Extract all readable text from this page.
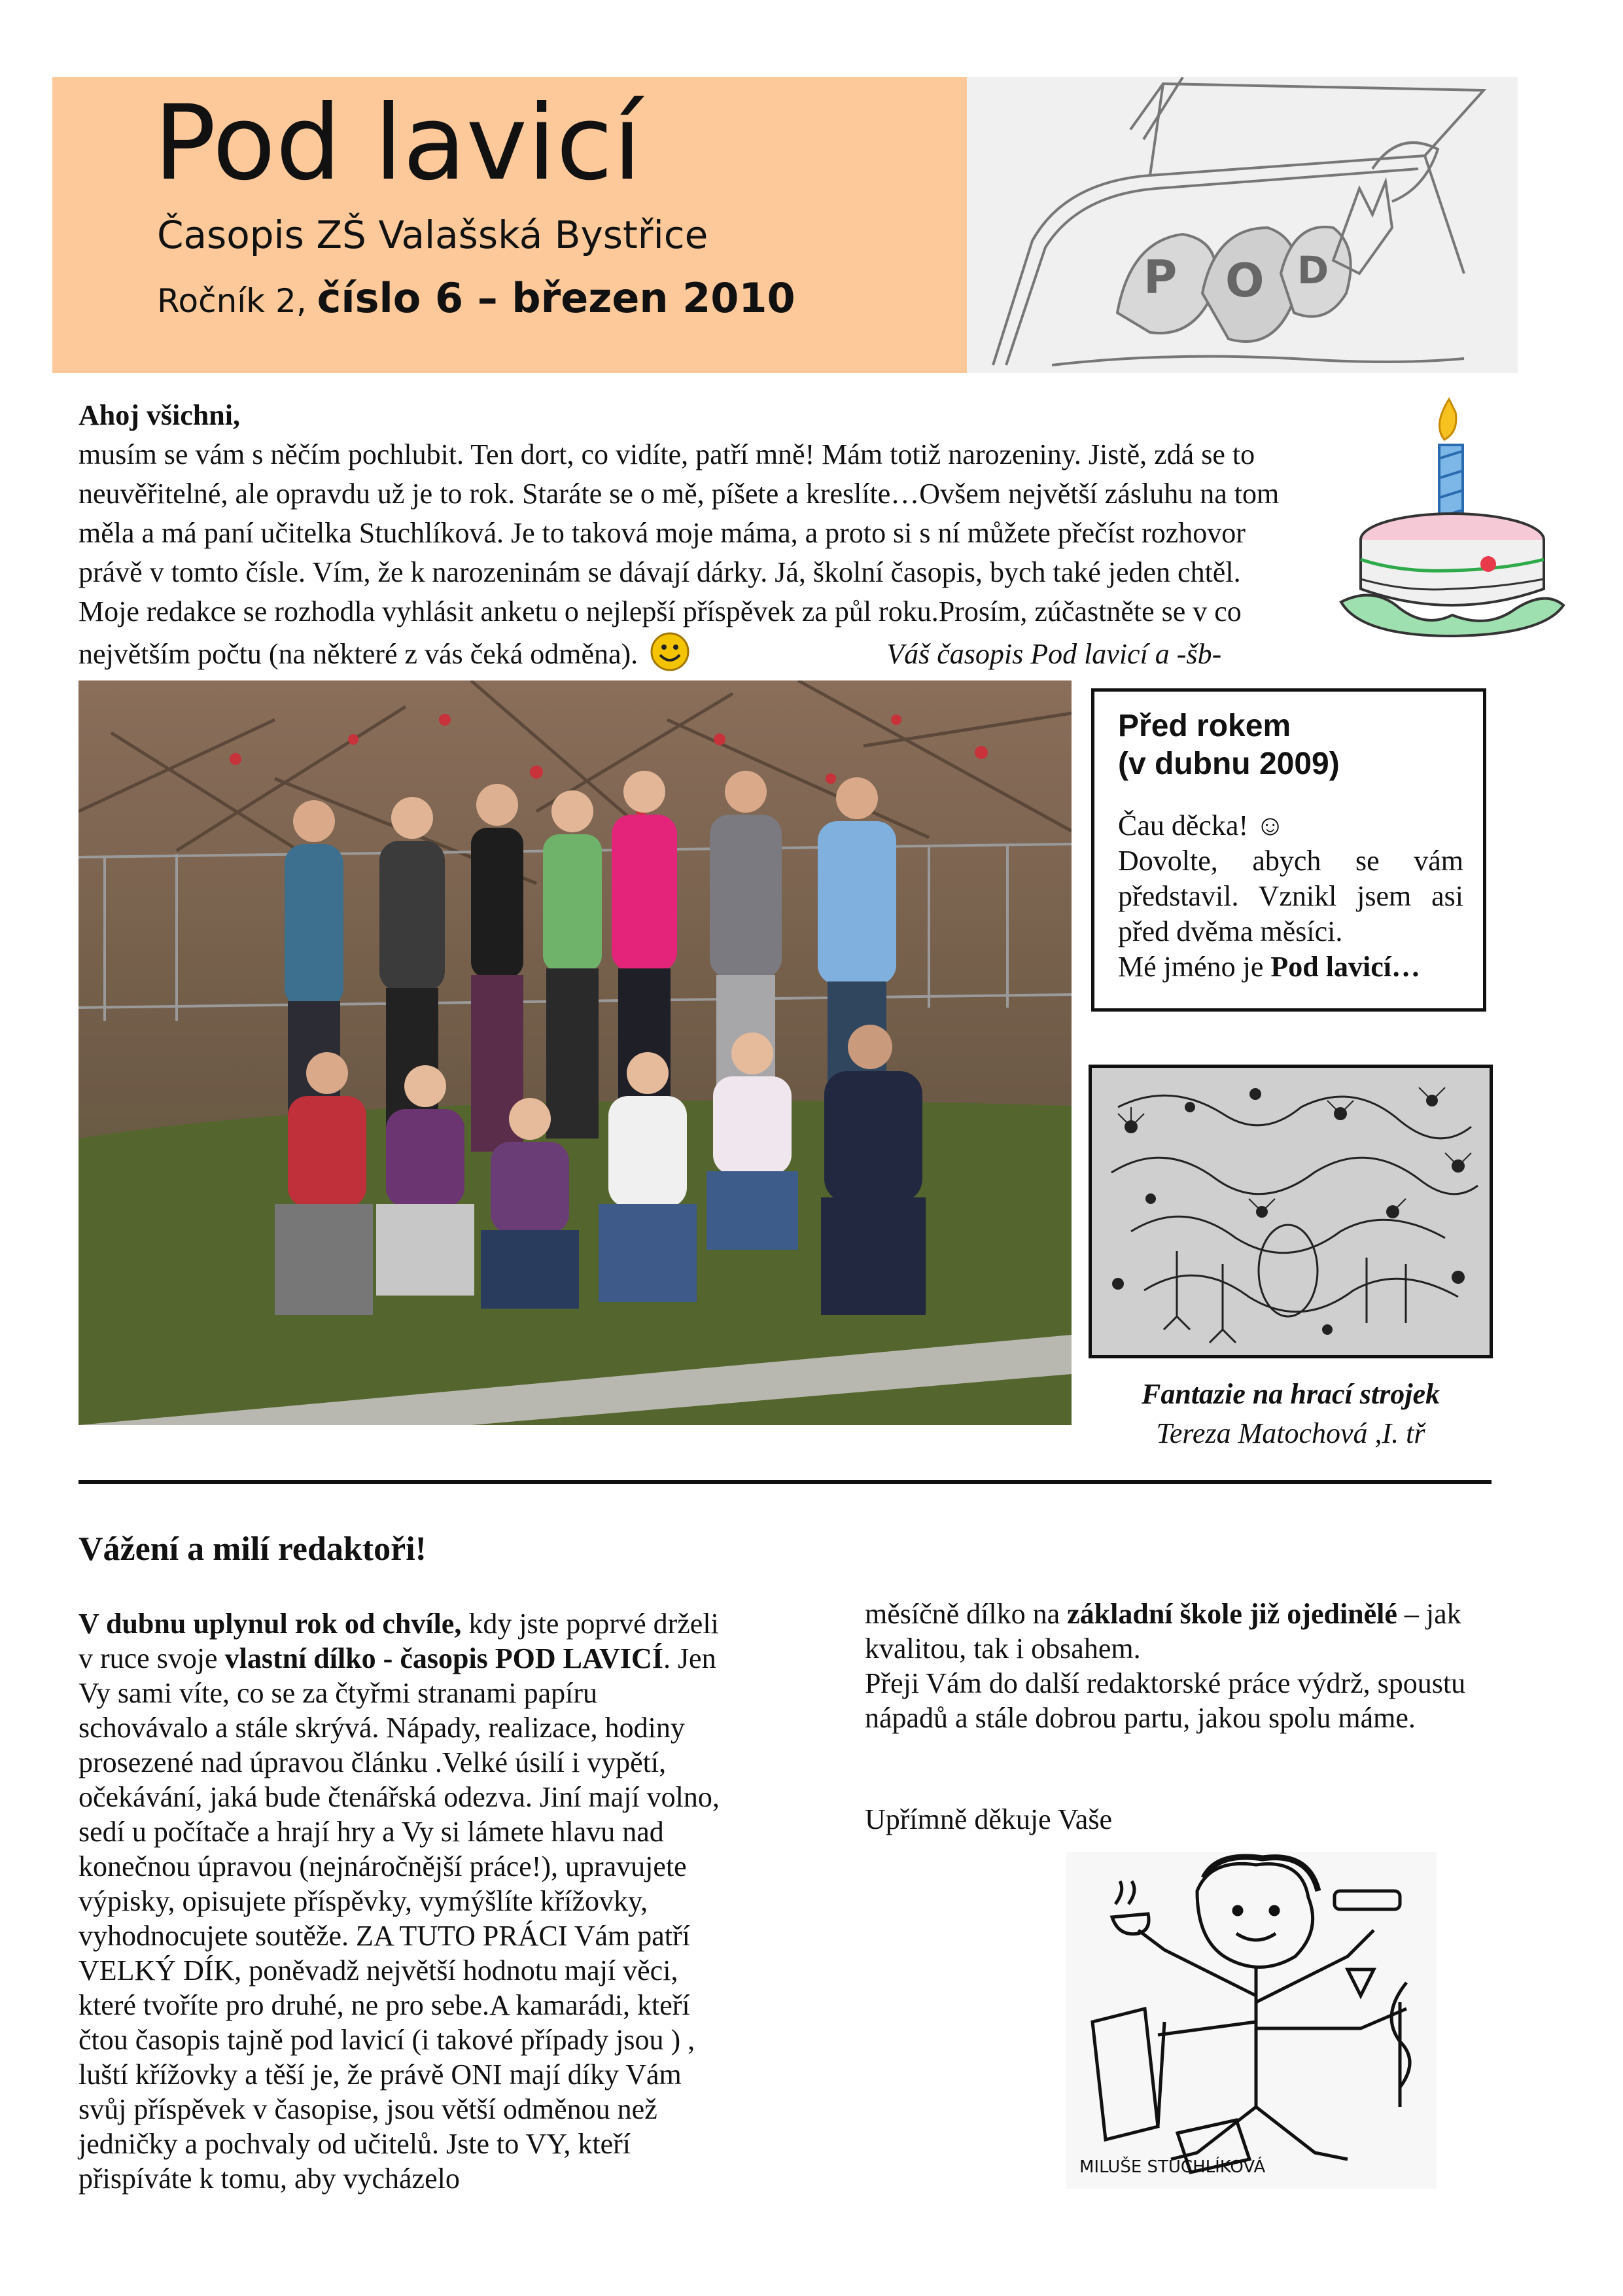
Pod lavicí
Časopis ZŠ Valašská Bystřice
Ročník 2, číslo 6 – březen 2010	P O D
Ahoj všichni,

musím se vám s něčím pochlubit. Ten dort, co vidíte, patří mně! Mám totiž narozeniny. Jistě, zdá se to

neuvěřitelné, ale opravdu už je to rok. Staráte se o mě, píšete a kreslíte…Ovšem největší zásluhu na tom

měla a má paní učitelka Stuchlíková. Je to taková moje máma, a proto si s ní můžete přečíst rozhovor

právě v tomto čísle. Vím, že k narozeninám se dávají dárky. Já, školní časopis, bych také jeden chtěl.

Moje redakce se rozhodla vyhlásit anketu o nejlepší příspěvek za půl roku.Prosím, zúčastněte se v co

největším počtu (na některé z vás čeká odměna).	Váš časopis Pod lavicí a -šb-

Před rokem
(v dubnu 2009)
Čau děcka! ☺
Dovolte, abych se vám představil. Vznikl jsem asi před dvěma měsíci.
Mé jméno je Pod lavicí…
Fantazie na hrací strojek
Tereza Matochová ,I. tř
Vážení a milí redaktoři!

V dubnu uplynul rok od chvíle, kdy jste poprvé drželi

v ruce svoje vlastní dílko - časopis POD LAVICÍ. Jen

Vy sami víte, co se za čtyřmi stranami papíru

schovávalo a stále skrývá. Nápady, realizace, hodiny

prosezené nad úpravou článku .Velké úsilí i vypětí,

očekávání, jaká bude čtenářská odezva. Jiní mají volno,

sedí u počítače a hrají hry a Vy si lámete hlavu nad

konečnou úpravou (nejnáročnější práce!), upravujete

výpisky, opisujete příspěvky, vymýšlíte křížovky,

vyhodnocujete soutěže. ZA TUTO PRÁCI Vám patří

VELKÝ DÍK, poněvadž největší hodnotu mají věci,

které tvoříte pro druhé, ne pro sebe.A kamarádi, kteří

čtou časopis tajně pod lavicí (i takové případy jsou ) ,

luští křížovky a těší je, že právě ONI mají díky Vám

svůj příspěvek v časopise, jsou větší odměnou než

jedničky a pochvaly od učitelů. Jste to VY, kteří

přispíváte k tomu, aby vycházelo

měsíčně dílko na základní škole již ojedinělé – jak

kvalitou, tak i obsahem.

Přeji Vám do další redaktorské práce výdrž, spoustu

nápadů a stále dobrou partu, jakou spolu máme.

Upřímně děkuje Vaše
MILUŠE STUCHLÍKOVÁ
